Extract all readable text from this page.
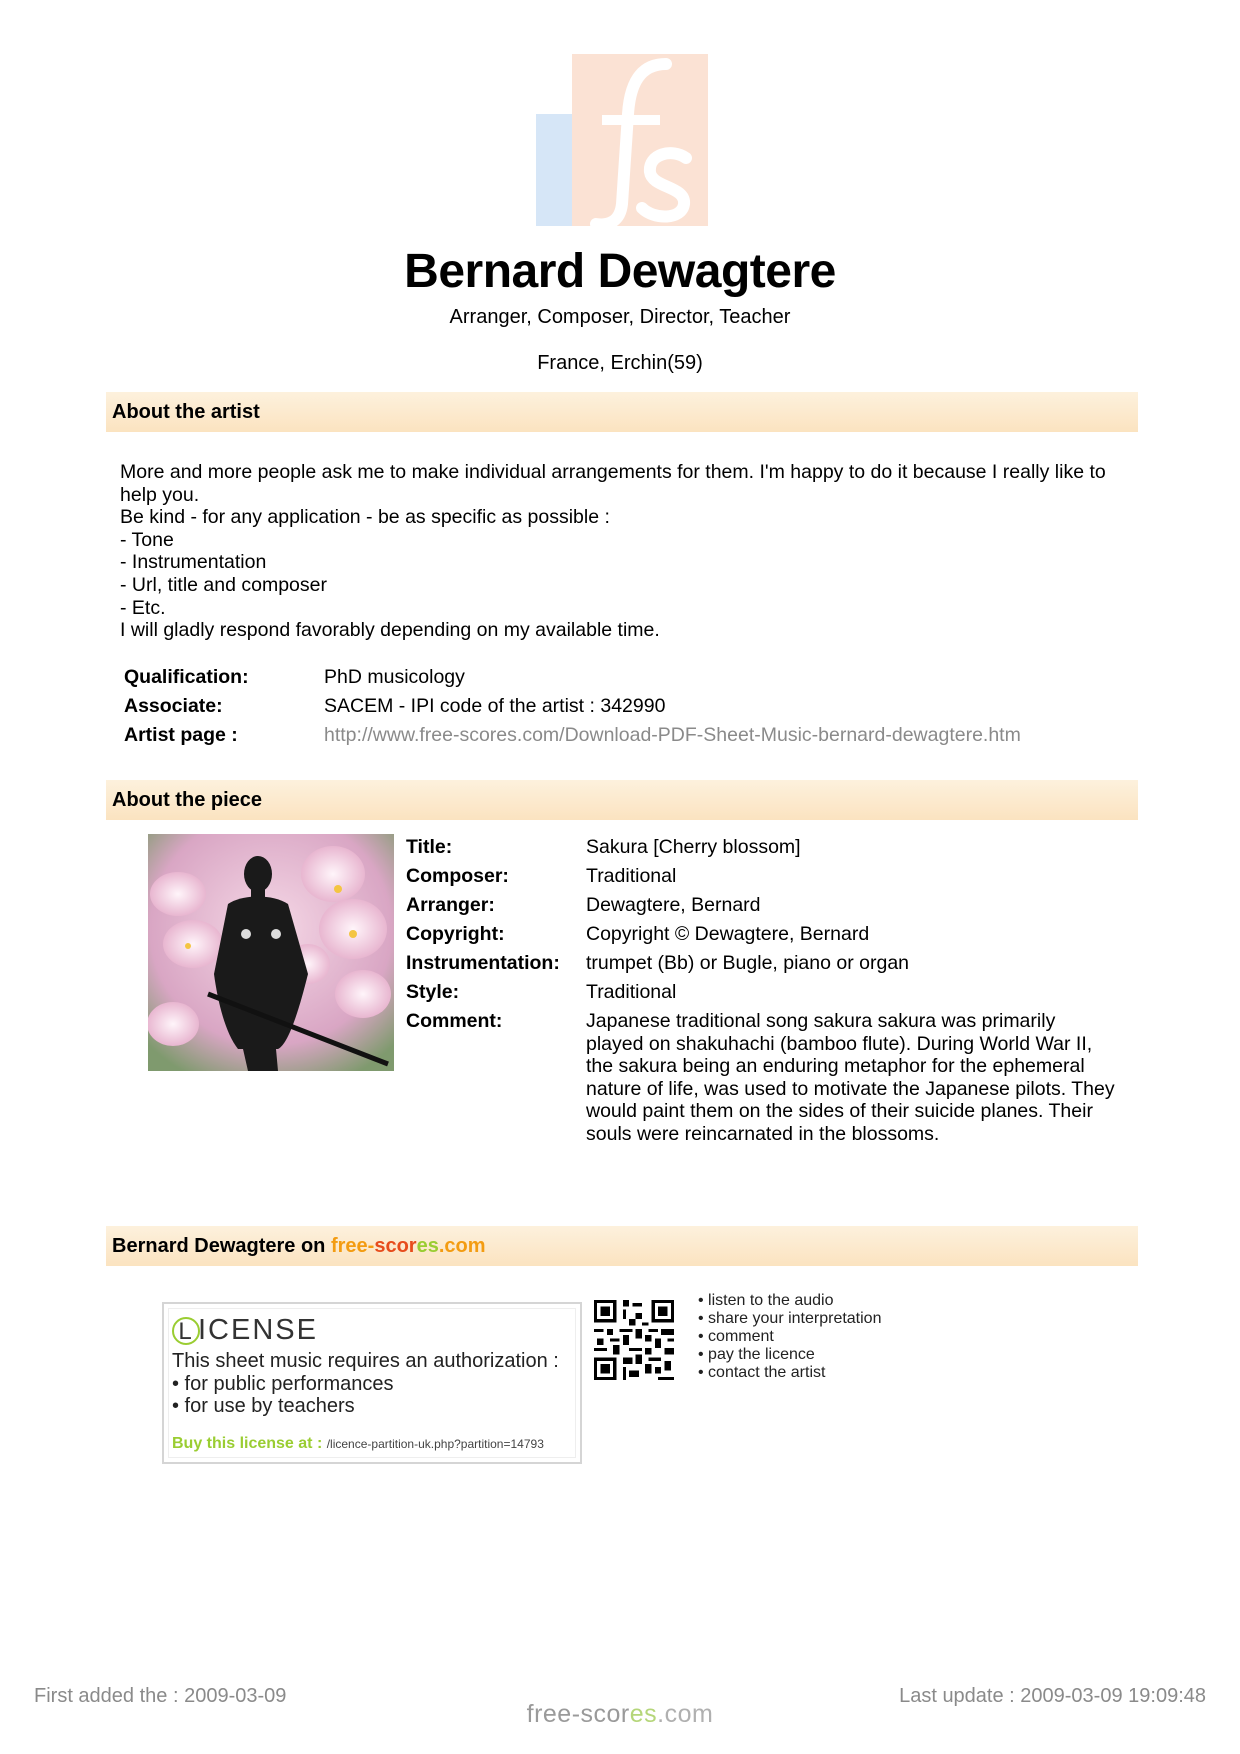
Bernard Dewagtere
Arranger, Composer, Director, Teacher
France, Erchin(59)
About the artist
More and more people ask me to make individual arrangements for them. I'm happy to do it because I really like to help you.
Be kind - for any application - be as specific as possible :
- Tone
- Instrumentation
- Url, title and composer
- Etc.
I will gladly respond favorably depending on my available time.
Qualification:	PhD musicology
Associate:	SACEM - IPI code of the artist : 342990
Artist page :	http://www.free-scores.com/Download-PDF-Sheet-Music-bernard-dewagtere.htm
About the piece
Title:	Sakura [Cherry blossom]
Composer:	Traditional
Arranger:	Dewagtere, Bernard
Copyright:	Copyright © Dewagtere, Bernard
Instrumentation: trumpet (Bb) or Bugle, piano or organ
Style:	Traditional
Comment:	Japanese traditional song sakura sakura was primarily played on shakuhachi (bamboo flute). During World War II, the sakura being an enduring metaphor for the ephemeral nature of life, was used to motivate the Japanese pilots. They would paint them on the sides of their suicide planes. Their souls were reincarnated in the blossoms.
Bernard Dewagtere on free-scores.com
L ICENSE
This sheet music requires an authorization :
• for public performances
• for use by teachers
Buy this license at : /licence-partition-uk.php?partition=14793
• listen to the audio
• share your interpretation
• comment
• pay the licence
• contact the artist
First added the : 2009-03-09	Last update : 2009-03-09 19:09:48
free-scores.com
